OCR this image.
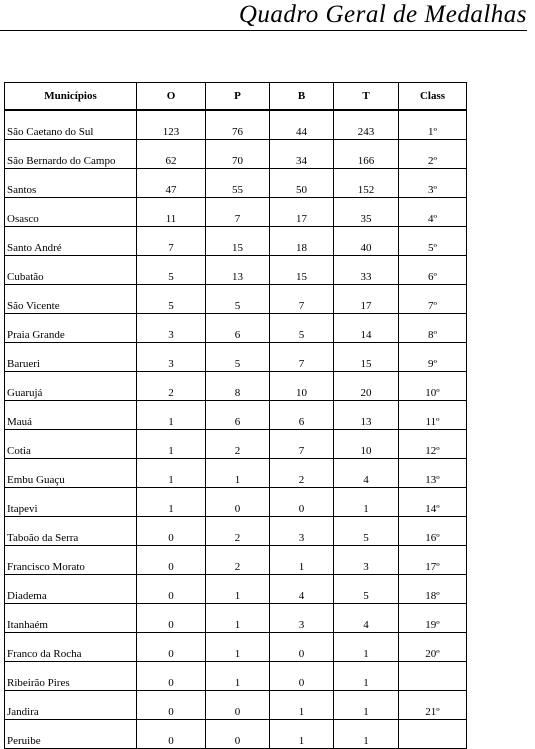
Quadro Geral de Medalhas
Municípios	O	P	B	T	Class
São Caetano do Sul	123	76	44	243	1º
São Bernardo do Campo	62	70	34	166	2º
Santos	47	55	50	152	3º
Osasco	11	7	17	35	4º
Santo André	7	15	18	40	5º
Cubatão	5	13	15	33	6º
São Vicente	5	5	7	17	7º
Praia Grande	3	6	5	14	8º
Barueri	3	5	7	15	9º
Guarujá	2	8	10	20	10º
Mauá	1	6	6	13	11º
Cotia	1	2	7	10	12º
Embu Guaçu	1	1	2	4	13º
Itapevi	1	0	0	1	14º
Taboão da Serra	0	2	3	5	16º
Francisco Morato	0	2	1	3	17º
Diadema	0	1	4	5	18º
Itanhaém	0	1	3	4	19º
Franco da Rocha	0	1	0	1	20º
Ribeirão Pires	0	1	0	1	
Jandira	0	0	1	1	21º
Peruibe	0	0	1	1	
